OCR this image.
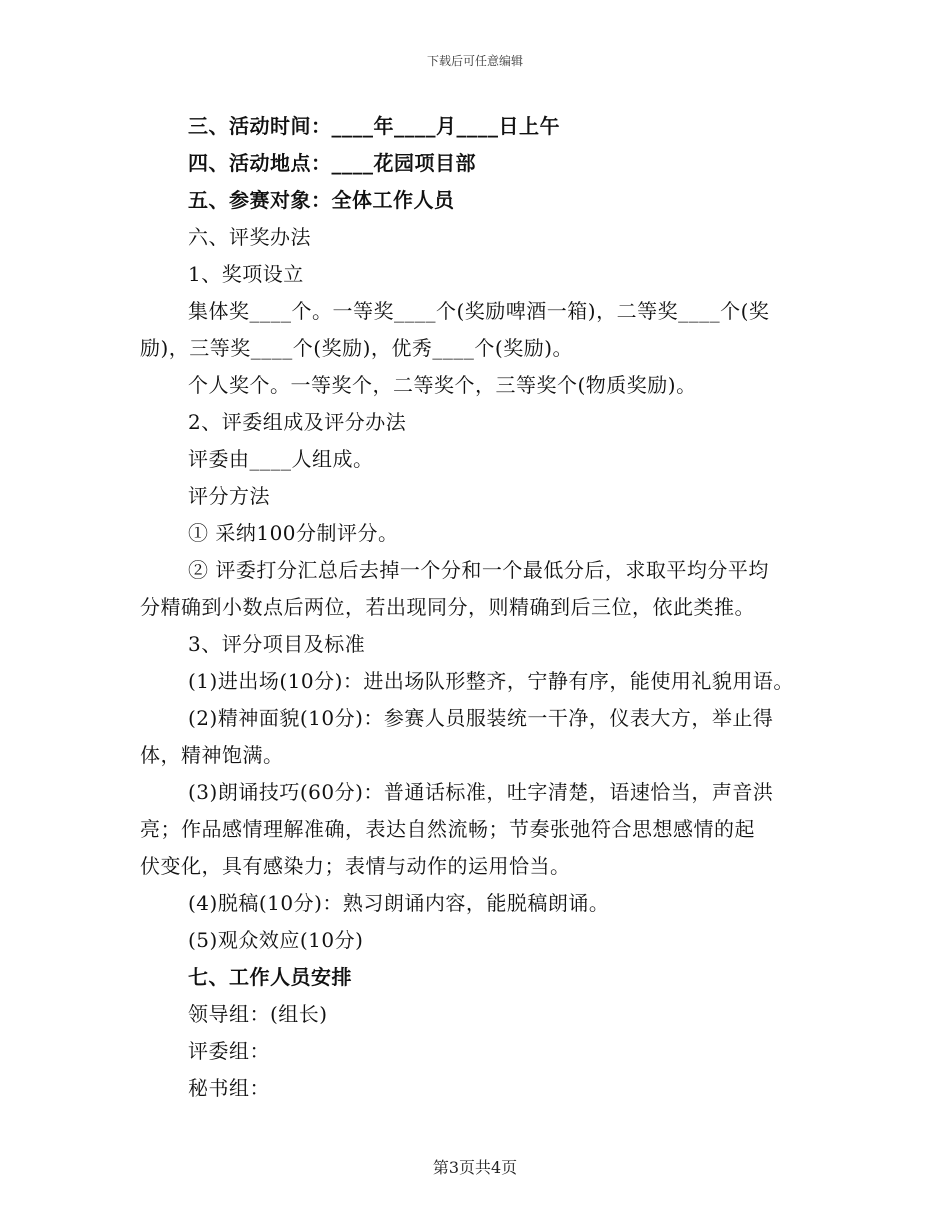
下载后可任意编辑
三、活动时间：____年____月____日上午
四、活动地点：____花园项目部
五、参赛对象：全体工作人员
六、评奖办法
1、奖项设立
集体奖____个。一等奖____个(奖励啤酒一箱)，二等奖____个(奖
励)，三等奖____个(奖励)，优秀____个(奖励)。
个人奖个。一等奖个，二等奖个，三等奖个(物质奖励)。
2、评委组成及评分办法
评委由____人组成。
评分方法
① 采纳100分制评分。
② 评委打分汇总后去掉一个分和一个最低分后，求取平均分平均
分精确到小数点后两位，若出现同分，则精确到后三位，依此类推。
3、评分项目及标准
(1)进出场(10分)：进出场队形整齐，宁静有序，能使用礼貌用语。
(2)精神面貌(10分)：参赛人员服装统一干净，仪表大方，举止得
体，精神饱满。
(3)朗诵技巧(60分)：普通话标准，吐字清楚，语速恰当，声音洪
亮；作品感情理解准确，表达自然流畅；节奏张弛符合思想感情的起
伏变化，具有感染力；表情与动作的运用恰当。
(4)脱稿(10分)：熟习朗诵内容，能脱稿朗诵。
(5)观众效应(10分)
七、工作人员安排
领导组：(组长)
评委组：
秘书组：
第3页共4页
